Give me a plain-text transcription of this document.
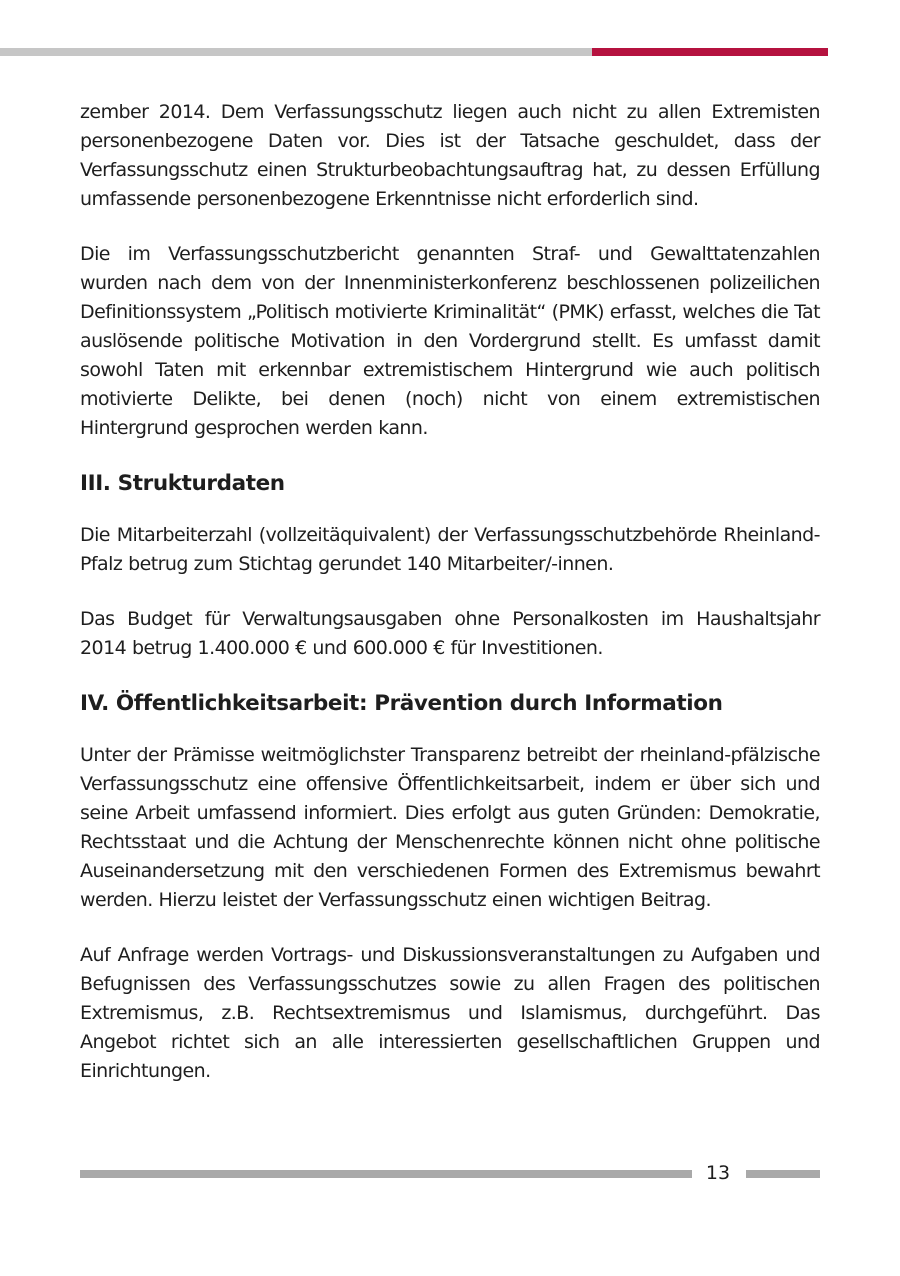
zember 2014. Dem Verfassungsschutz liegen auch nicht zu allen Extremisten personenbezogene Daten vor. Dies ist der Tatsache geschuldet, dass der Verfassungsschutz einen Strukturbeobachtungsauftrag hat, zu dessen Erfüllung umfassende personenbezogene Erkenntnisse nicht erforderlich sind.

Die im Verfassungsschutzbericht genannten Straf- und Gewalttatenzahlen wurden nach dem von der Innenministerkonferenz beschlossenen polizeilichen Definitionssystem „Politisch motivierte Kriminalität“ (PMK) erfasst, welches die Tat auslösende politische Motivation in den Vordergrund stellt. Es umfasst damit sowohl Taten mit erkennbar extremistischem Hintergrund wie auch politisch motivierte Delikte, bei denen (noch) nicht von einem extremistischen Hintergrund gesprochen werden kann.

III. Strukturdaten

Die Mitarbeiterzahl (vollzeitäquivalent) der Verfassungsschutzbehörde Rheinland-Pfalz betrug zum Stichtag gerundet 140 Mitarbeiter/-innen.

Das Budget für Verwaltungsausgaben ohne Personalkosten im Haushaltsjahr 2014 betrug 1.400.000 € und 600.000 € für Investitionen.

IV. Öffentlichkeitsarbeit: Prävention durch Information

Unter der Prämisse weitmöglichster Transparenz betreibt der rheinland-pfälzische Verfassungsschutz eine offensive Öffentlichkeitsarbeit, indem er über sich und seine Arbeit umfassend informiert. Dies erfolgt aus guten Gründen: Demokratie, Rechtsstaat und die Achtung der Menschenrechte können nicht ohne politische Auseinandersetzung mit den verschiedenen Formen des Extremismus bewahrt werden. Hierzu leistet der Verfassungsschutz einen wichtigen Beitrag.

Auf Anfrage werden Vortrags- und Diskussionsveranstaltungen zu Aufgaben und Befugnissen des Verfassungsschutzes sowie zu allen Fragen des politischen Extremismus, z.B. Rechtsextremismus und Islamismus, durchgeführt. Das Angebot richtet sich an alle interessierten gesellschaftlichen Gruppen und Einrichtungen.

13
